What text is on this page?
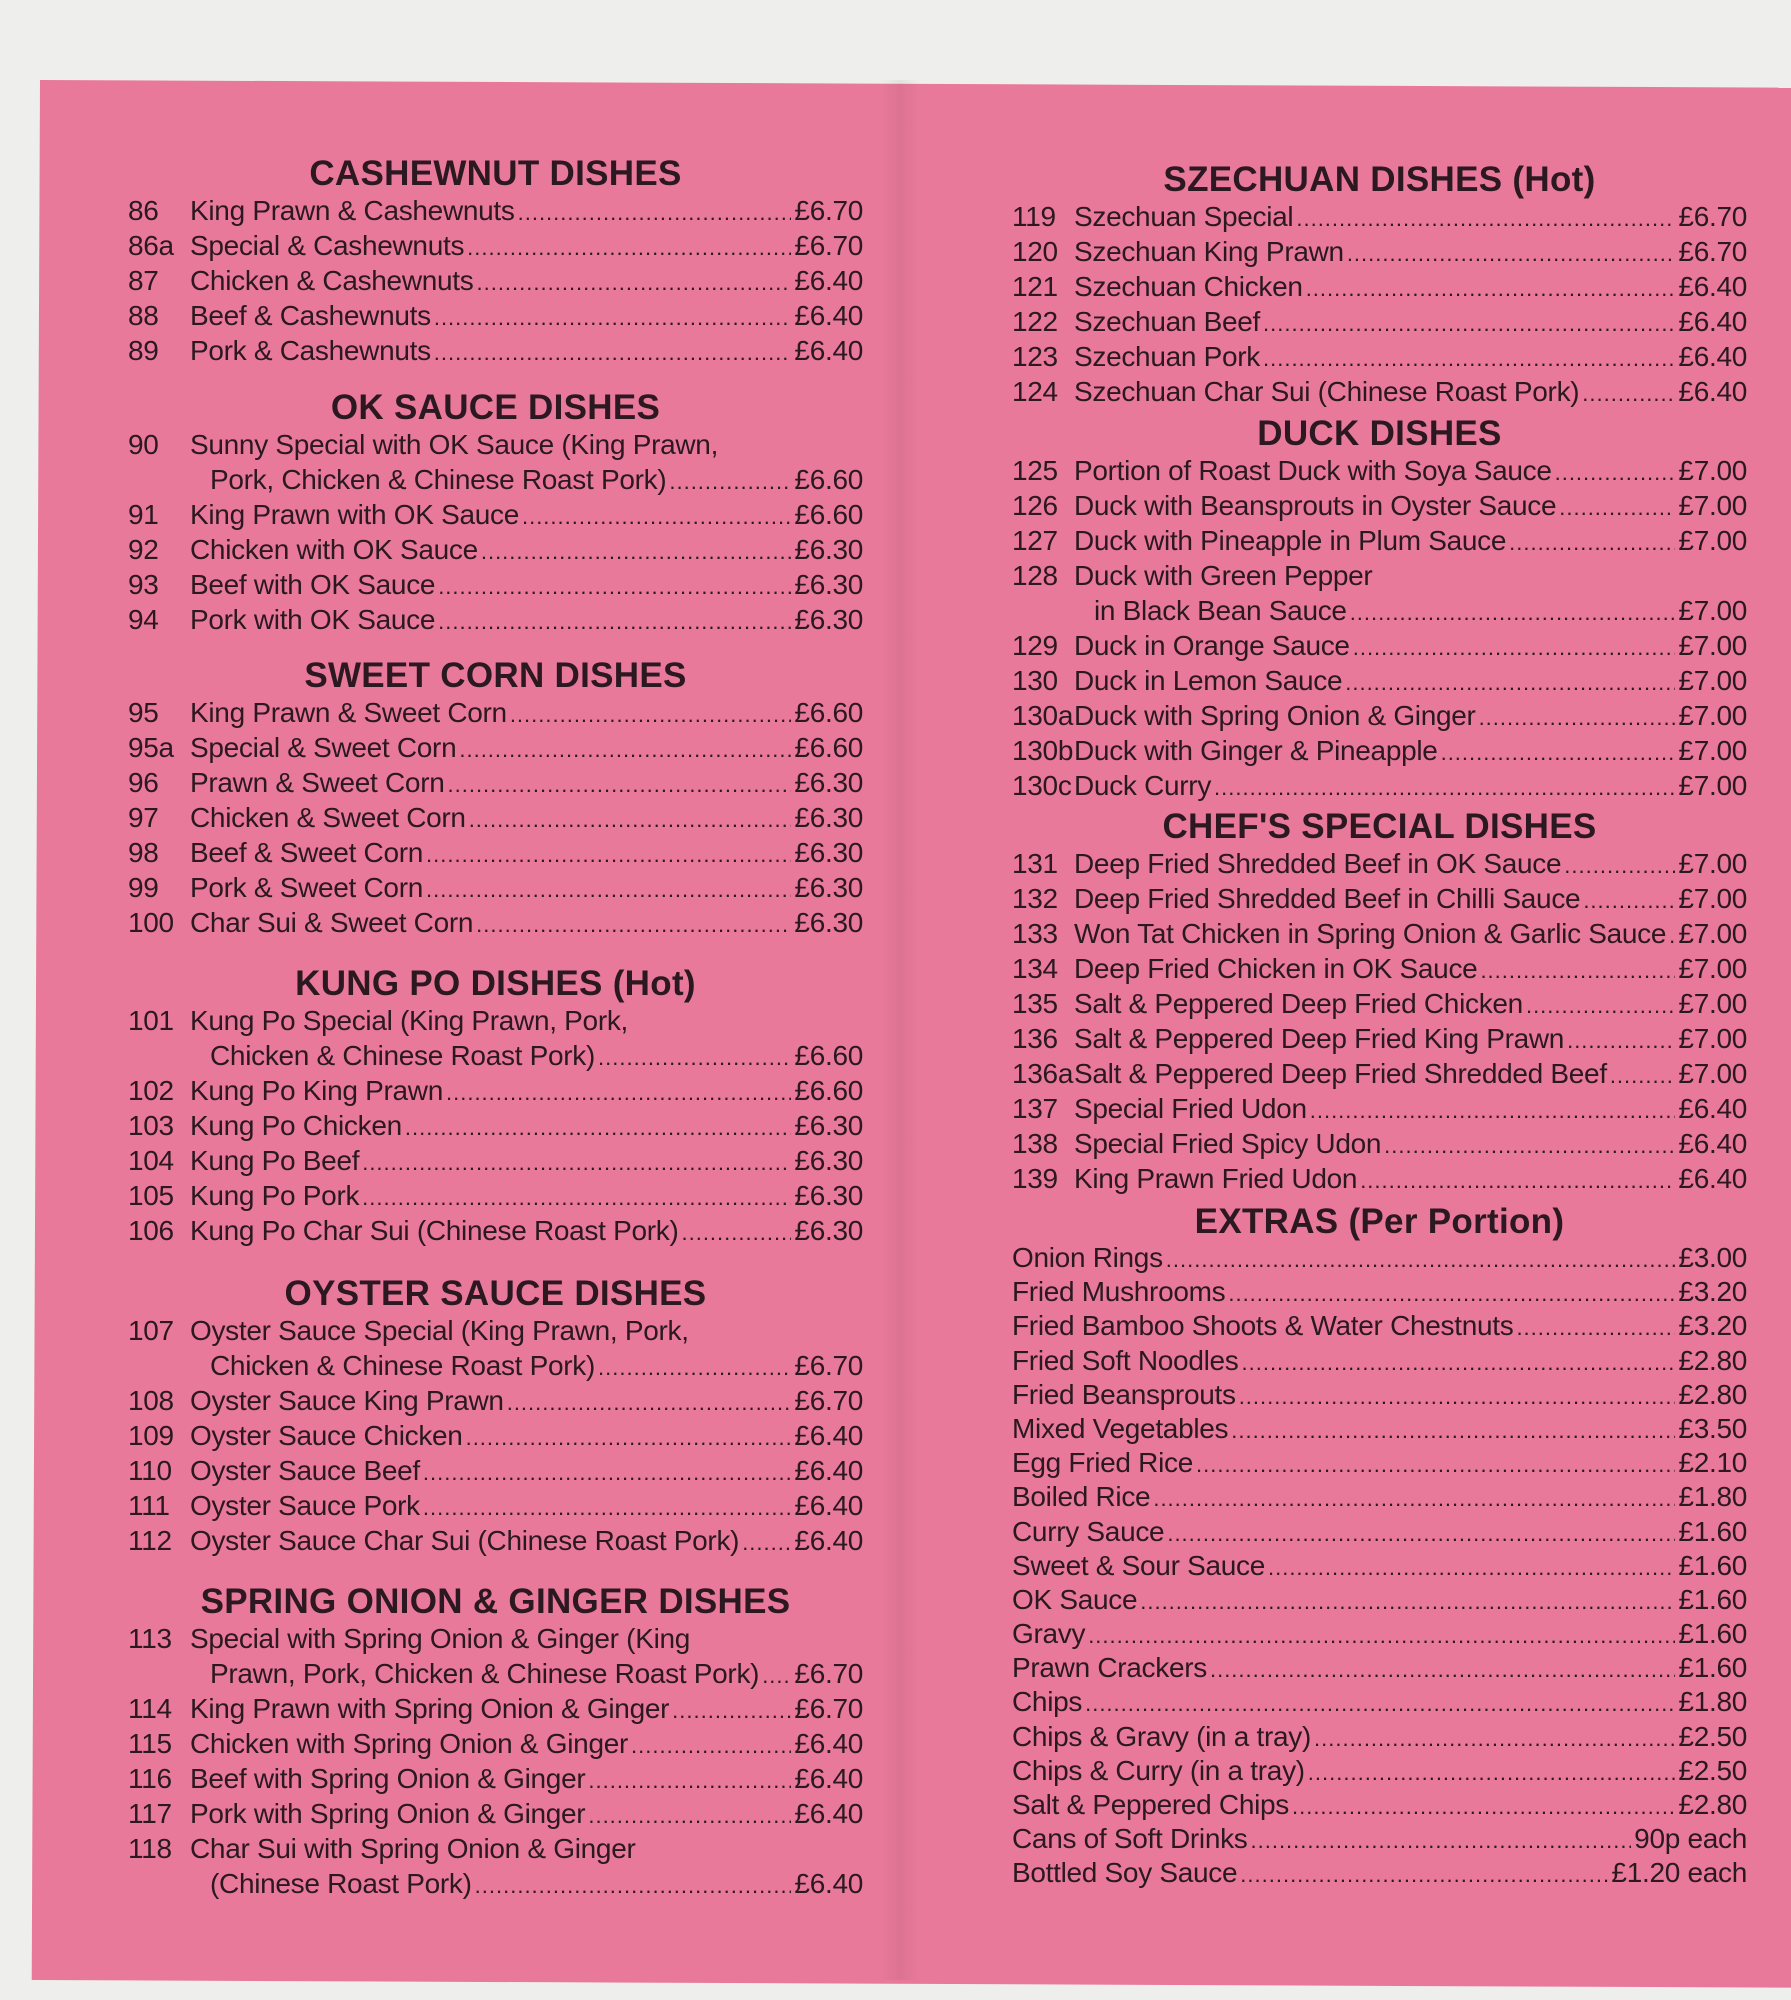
CASHEWNUT DISHES
86	King Prawn & Cashewnuts .....	£6.70
86a Special & Cashewnuts .....	£6.70
87	Chicken & Cashewnuts .....	£6.40
88	Beef & Cashewnuts .....	£6.40
89	Pork & Cashewnuts .....	£6.40
OK SAUCE DISHES
90	Sunny Special with OK Sauce (King Prawn,
Pork, Chicken & Chinese Roast Pork) .....	£6.60
91	King Prawn with OK Sauce .....	£6.60
92	Chicken with OK Sauce .....	£6.30
93	Beef with OK Sauce .....	£6.30
94	Pork with OK Sauce .....	£6.30
SWEET CORN DISHES
95	King Prawn & Sweet Corn .....	£6.60
95a Special & Sweet Corn .....	£6.60
96	Prawn & Sweet Corn .....	£6.30
97	Chicken & Sweet Corn .....	£6.30
98	Beef & Sweet Corn .....	£6.30
99	Pork & Sweet Corn .....	£6.30
100 Char Sui & Sweet Corn .....	£6.30
KUNG PO DISHES (Hot)
101 Kung Po Special (King Prawn, Pork,
Chicken & Chinese Roast Pork) .....	£6.60
102 Kung Po King Prawn .....	£6.60
103 Kung Po Chicken .....	£6.30
104 Kung Po Beef .....	£6.30
105 Kung Po Pork .....	£6.30
106 Kung Po Char Sui (Chinese Roast Pork) .....	£6.30
OYSTER SAUCE DISHES
107 Oyster Sauce Special (King Prawn, Pork,
Chicken & Chinese Roast Pork) .....	£6.70
108 Oyster Sauce King Prawn .....	£6.70
109 Oyster Sauce Chicken .....	£6.40
110 Oyster Sauce Beef .....	£6.40
111 Oyster Sauce Pork .....	£6.40
112 Oyster Sauce Char Sui (Chinese Roast Pork) ..... £6.40
SPRING ONION & GINGER DISHES
113 Special with Spring Onion & Ginger (King
Prawn, Pork, Chicken & Chinese Roast Pork) ..... £6.70
114 King Prawn with Spring Onion & Ginger .....	£6.70
115 Chicken with Spring Onion & Ginger .....	£6.40
116 Beef with Spring Onion & Ginger .....	£6.40
117 Pork with Spring Onion & Ginger .....	£6.40
118 Char Sui with Spring Onion & Ginger
(Chinese Roast Pork) .....	£6.40
SZECHUAN DISHES (Hot)
119 Szechuan Special .....	£6.70
120 Szechuan King Prawn .....	£6.70
121 Szechuan Chicken .....	£6.40
122 Szechuan Beef .....	£6.40
123 Szechuan Pork .....	£6.40
124 Szechuan Char Sui (Chinese Roast Pork) .....	£6.40
DUCK DISHES
125 Portion of Roast Duck with Soya Sauce .....	£7.00
126 Duck with Beansprouts in Oyster Sauce .....	£7.00
127 Duck with Pineapple in Plum Sauce .....	£7.00
128 Duck with Green Pepper
in Black Bean Sauce .....	£7.00
129 Duck in Orange Sauce .....	£7.00
130 Duck in Lemon Sauce .....	£7.00
130a Duck with Spring Onion & Ginger .....	£7.00
130b Duck with Ginger & Pineapple .....	£7.00
130c Duck Curry .....	£7.00
CHEF'S SPECIAL DISHES
131 Deep Fried Shredded Beef in OK Sauce .....	£7.00
132 Deep Fried Shredded Beef in Chilli Sauce .....	£7.00
133 Won Tat Chicken in Spring Onion & Garlic Sauce ..... £7.00
134 Deep Fried Chicken in OK Sauce .....	£7.00
135 Salt & Peppered Deep Fried Chicken .....	£7.00
136 Salt & Peppered Deep Fried King Prawn .....	£7.00
136a Salt & Peppered Deep Fried Shredded Beef .....	£7.00
137 Special Fried Udon .....	£6.40
138 Special Fried Spicy Udon .....	£6.40
139 King Prawn Fried Udon .....	£6.40
EXTRAS (Per Portion)
Onion Rings .....	£3.00
Fried Mushrooms .....	£3.20
Fried Bamboo Shoots & Water Chestnuts .....	£3.20
Fried Soft Noodles .....	£2.80
Fried Beansprouts .....	£2.80
Mixed Vegetables .....	£3.50
Egg Fried Rice .....	£2.10
Boiled Rice .....	£1.80
Curry Sauce .....	£1.60
Sweet & Sour Sauce .....	£1.60
OK Sauce .....	£1.60
Gravy .....	£1.60
Prawn Crackers .....	£1.60
Chips .....	£1.80
Chips & Gravy (in a tray) .....	£2.50
Chips & Curry (in a tray) .....	£2.50
Salt & Peppered Chips .....	£2.80
Cans of Soft Drinks .....	90p each
Bottled Soy Sauce .....	£1.20 each
